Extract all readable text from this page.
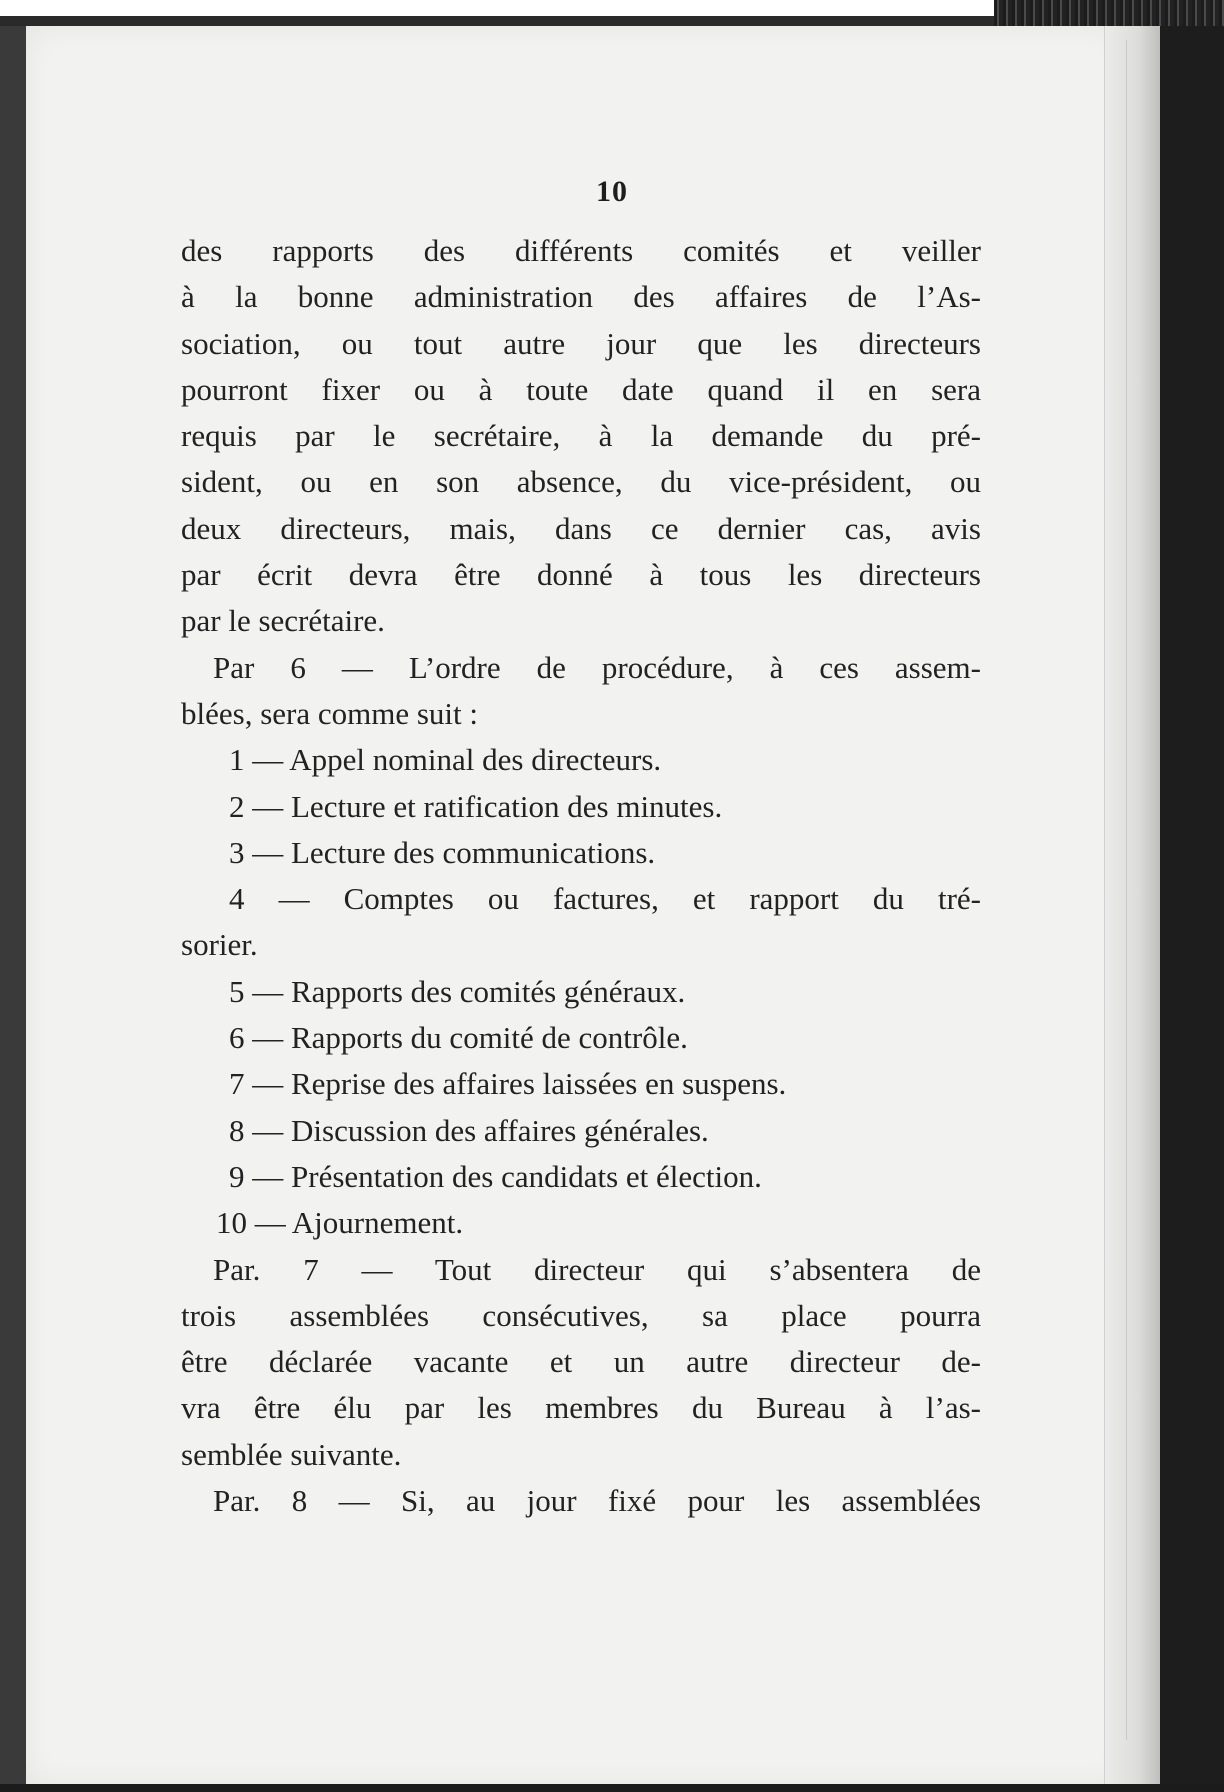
10
des rapports des différents comités et veiller
à la bonne administration des affaires de l’As-
sociation, ou tout autre jour que les directeurs
pourront fixer ou à toute date quand il en sera
requis par le secrétaire, à la demande du pré-
sident, ou en son absence, du vice-président, ou
deux directeurs, mais, dans ce dernier cas, avis
par écrit devra être donné à tous les directeurs
par le secrétaire.
Par 6 — L’ordre de procédure, à ces assem-
blées, sera comme suit :
1 — Appel nominal des directeurs.
2 — Lecture et ratification des minutes.
3 — Lecture des communications.
4 — Comptes ou factures, et rapport du tré-
sorier.
5 — Rapports des comités généraux.
6 — Rapports du comité de contrôle.
7 — Reprise des affaires laissées en suspens.
8 — Discussion des affaires générales.
9 — Présentation des candidats et élection.
10 — Ajournement.
Par. 7 — Tout directeur qui s’absentera de
trois assemblées consécutives, sa place pourra
être déclarée vacante et un autre directeur de-
vra être élu par les membres du Bureau à l’as-
semblée suivante.
Par. 8 — Si, au jour fixé pour les assemblées
